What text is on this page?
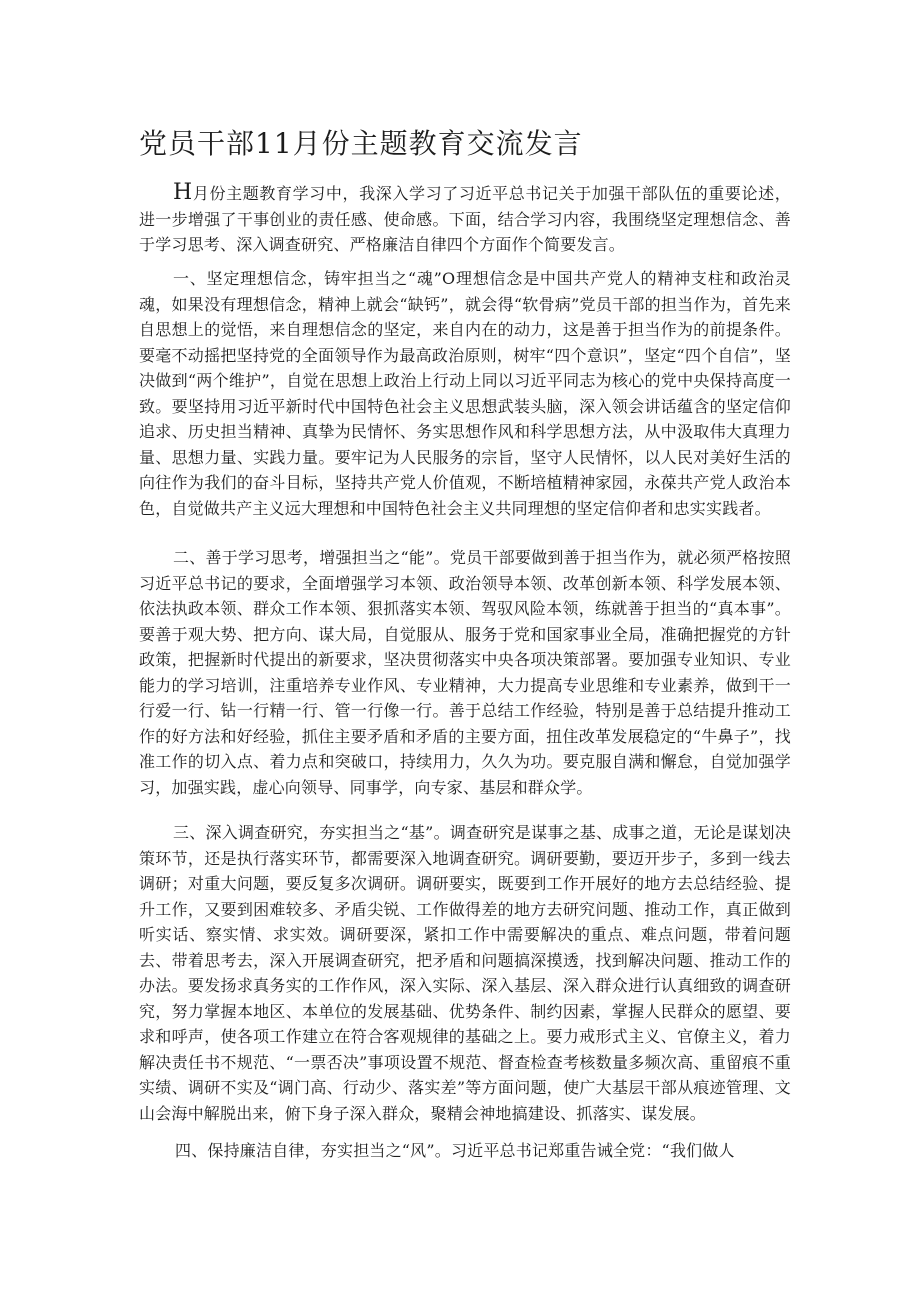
党员干部11月份主题教育交流发言

H月份主题教育学习中，我深入学习了习近平总书记关于加强干部队伍的重要论述，进一步增强了干事创业的责任感、使命感。下面，结合学习内容，我围绕坚定理想信念、善于学习思考、深入调查研究、严格廉洁自律四个方面作个简要发言。

一、坚定理想信念，铸牢担当之“魂”O理想信念是中国共产党人的精神支柱和政治灵魂，如果没有理想信念，精神上就会“缺钙”，就会得“软骨病”党员干部的担当作为，首先来自思想上的觉悟，来自理想信念的坚定，来自内在的动力，这是善于担当作为的前提条件。要毫不动摇把坚持党的全面领导作为最高政治原则，树牢“四个意识”，坚定“四个自信”，坚决做到“两个维护”，自觉在思想上政治上行动上同以习近平同志为核心的党中央保持高度一致。要坚持用习近平新时代中国特色社会主义思想武装头脑，深入领会讲话蕴含的坚定信仰追求、历史担当精神、真挚为民情怀、务实思想作风和科学思想方法，从中汲取伟大真理力量、思想力量、实践力量。要牢记为人民服务的宗旨，坚守人民情怀，以人民对美好生活的向往作为我们的奋斗目标，坚持共产党人价值观，不断培植精神家园，永葆共产党人政治本色，自觉做共产主义远大理想和中国特色社会主义共同理想的坚定信仰者和忠实实践者。

二、善于学习思考，增强担当之“能”。党员干部要做到善于担当作为，就必须严格按照习近平总书记的要求，全面增强学习本领、政治领导本领、改革创新本领、科学发展本领、依法执政本领、群众工作本领、狠抓落实本领、驾驭风险本领，练就善于担当的“真本事”。要善于观大势、把方向、谋大局，自觉服从、服务于党和国家事业全局，准确把握党的方针政策，把握新时代提出的新要求，坚决贯彻落实中央各项决策部署。要加强专业知识、专业能力的学习培训，注重培养专业作风、专业精神，大力提高专业思维和专业素养，做到干一行爱一行、钻一行精一行、管一行像一行。善于总结工作经验，特别是善于总结提升推动工作的好方法和好经验，抓住主要矛盾和矛盾的主要方面，扭住改革发展稳定的“牛鼻子”，找准工作的切入点、着力点和突破口，持续用力，久久为功。要克服自满和懈怠，自觉加强学习，加强实践，虚心向领导、同事学，向专家、基层和群众学。

三、深入调查研究，夯实担当之“基”。调查研究是谋事之基、成事之道，无论是谋划决策环节，还是执行落实环节，都需要深入地调查研究。调研要勤，要迈开步子，多到一线去调研；对重大问题，要反复多次调研。调研要实，既要到工作开展好的地方去总结经验、提升工作，又要到困难较多、矛盾尖锐、工作做得差的地方去研究问题、推动工作，真正做到听实话、察实情、求实效。调研要深，紧扣工作中需要解决的重点、难点问题，带着问题去、带着思考去，深入开展调查研究，把矛盾和问题搞深摸透，找到解决问题、推动工作的办法。要发扬求真务实的工作作风，深入实际、深入基层、深入群众进行认真细致的调查研究，努力掌握本地区、本单位的发展基础、优势条件、制约因素，掌握人民群众的愿望、要求和呼声，使各项工作建立在符合客观规律的基础之上。要力戒形式主义、官僚主义，着力解决责任书不规范、“一票否决”事项设置不规范、督查检查考核数量多频次高、重留痕不重实绩、调研不实及“调门高、行动少、落实差”等方面问题，使广大基层干部从痕迹管理、文山会海中解脱出来，俯下身子深入群众，聚精会神地搞建设、抓落实、谋发展。

四、保持廉洁自律，夯实担当之“风”。习近平总书记郑重告诫全党：“我们做人
